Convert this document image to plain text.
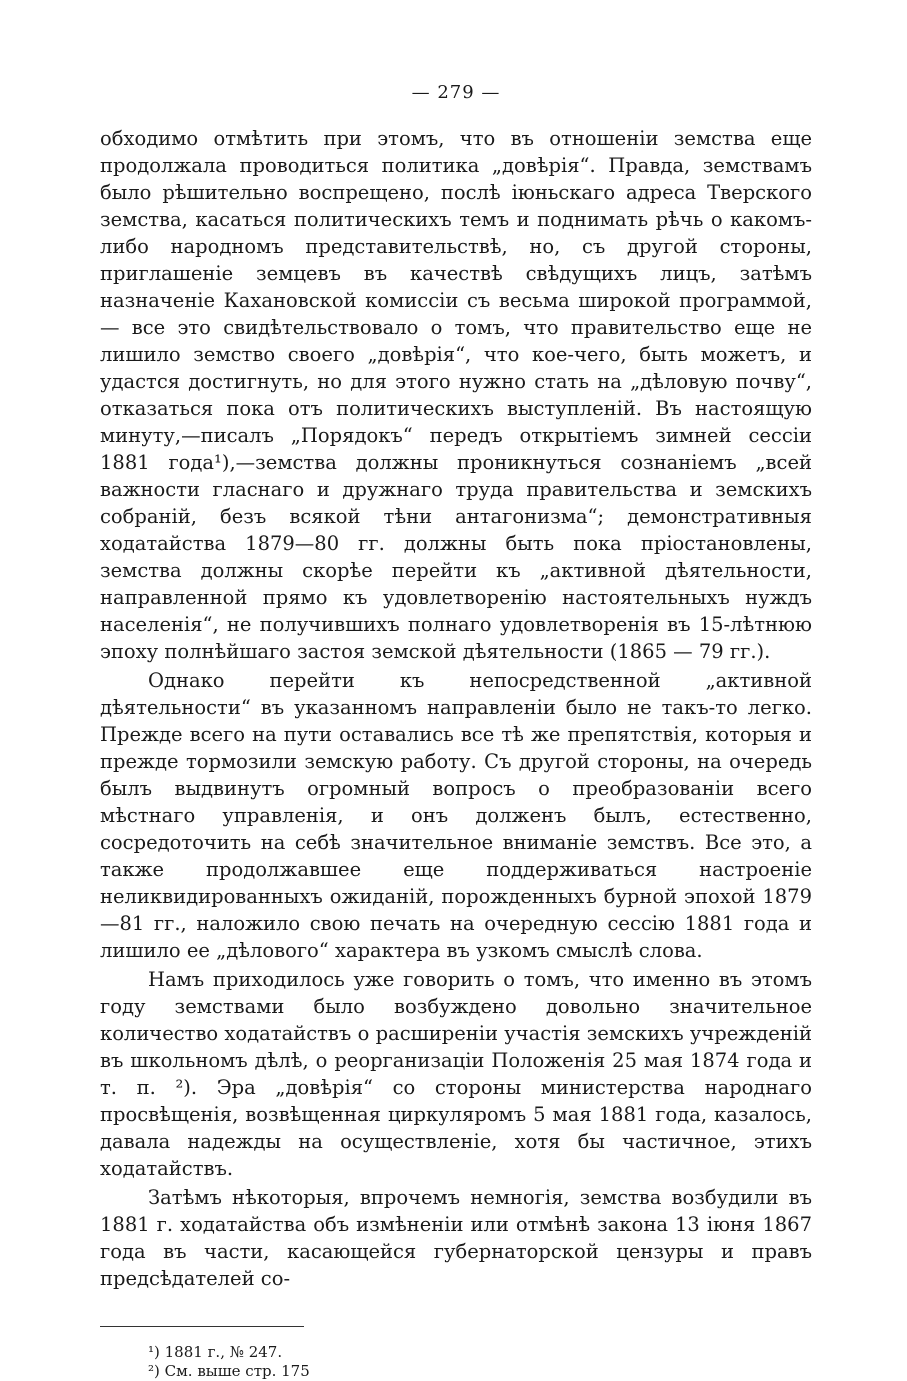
— 279 —

обходимо отмѣтить при этомъ, что въ отношеніи земства еще продолжала проводиться политика „довѣрія“. Правда, земствамъ было рѣшительно воспрещено, послѣ іюньскаго адреса Тверского земства, касаться политическихъ темъ и поднимать рѣчь о какомъ-либо народномъ представительствѣ, но, съ другой стороны, приглашеніе земцевъ въ качествѣ свѣдущихъ лицъ, затѣмъ назначеніе Кахановской комиссіи съ весьма широкой программой, — все это свидѣтельствовало о томъ, что правительство еще не лишило земство своего „довѣрія“, что кое-чего, быть можетъ, и удастся достигнуть, но для этого нужно стать на „дѣловую почву“, отказаться пока отъ политическихъ выступленій. Въ настоящую минуту,—писалъ „Порядокъ“ передъ открытіемъ зимней сессіи 1881 года¹),—земства должны проникнуться сознаніемъ „всей важности гласнаго и дружнаго труда правительства и земскихъ собраній, безъ всякой тѣни антагонизма“; демонстративныя ходатайства 1879—80 гг. должны быть пока пріостановлены, земства должны скорѣе перейти къ „активной дѣятельности, направленной прямо къ удовлетворенію настоятельныхъ нуждъ населенія“, не получившихъ полнаго удовлетворенія въ 15-лѣтнюю эпоху полнѣйшаго застоя земской дѣятельности (1865 — 79 гг.).

Однако перейти къ непосредственной „активной дѣятельности“ въ указанномъ направленіи было не такъ-то легко. Прежде всего на пути оставались все тѣ же препятствія, которыя и прежде тормозили земскую работу. Съ другой стороны, на очередь былъ выдвинутъ огромный вопросъ о преобразованіи всего мѣстнаго управленія, и онъ долженъ былъ, естественно, сосредоточить на себѣ значительное вниманіе земствъ. Все это, а также продолжавшее еще поддерживаться настроеніе неликвидированныхъ ожиданій, порожденныхъ бурной эпохой 1879—81 гг., наложило свою печать на очередную сессію 1881 года и лишило ее „дѣлового“ характера въ узкомъ смыслѣ слова.

Намъ приходилось уже говорить о томъ, что именно въ этомъ году земствами было возбуждено довольно значительное количество ходатайствъ о расширеніи участія земскихъ учрежденій въ школьномъ дѣлѣ, о реорганизаціи Положенія 25 мая 1874 года и т. п. ²). Эра „довѣрія“ со стороны министерства народнаго просвѣщенія, возвѣщенная циркуляромъ 5 мая 1881 года, казалось, давала надежды на осуществленіе, хотя бы частичное, этихъ ходатайствъ.

Затѣмъ нѣкоторыя, впрочемъ немногія, земства возбудили въ 1881 г. ходатайства объ измѣненіи или отмѣнѣ закона 13 іюня 1867 года въ части, касающейся губернаторской цензуры и правъ предсѣдателей со-

¹) 1881 г., № 247.

²) См. выше стр. 175
